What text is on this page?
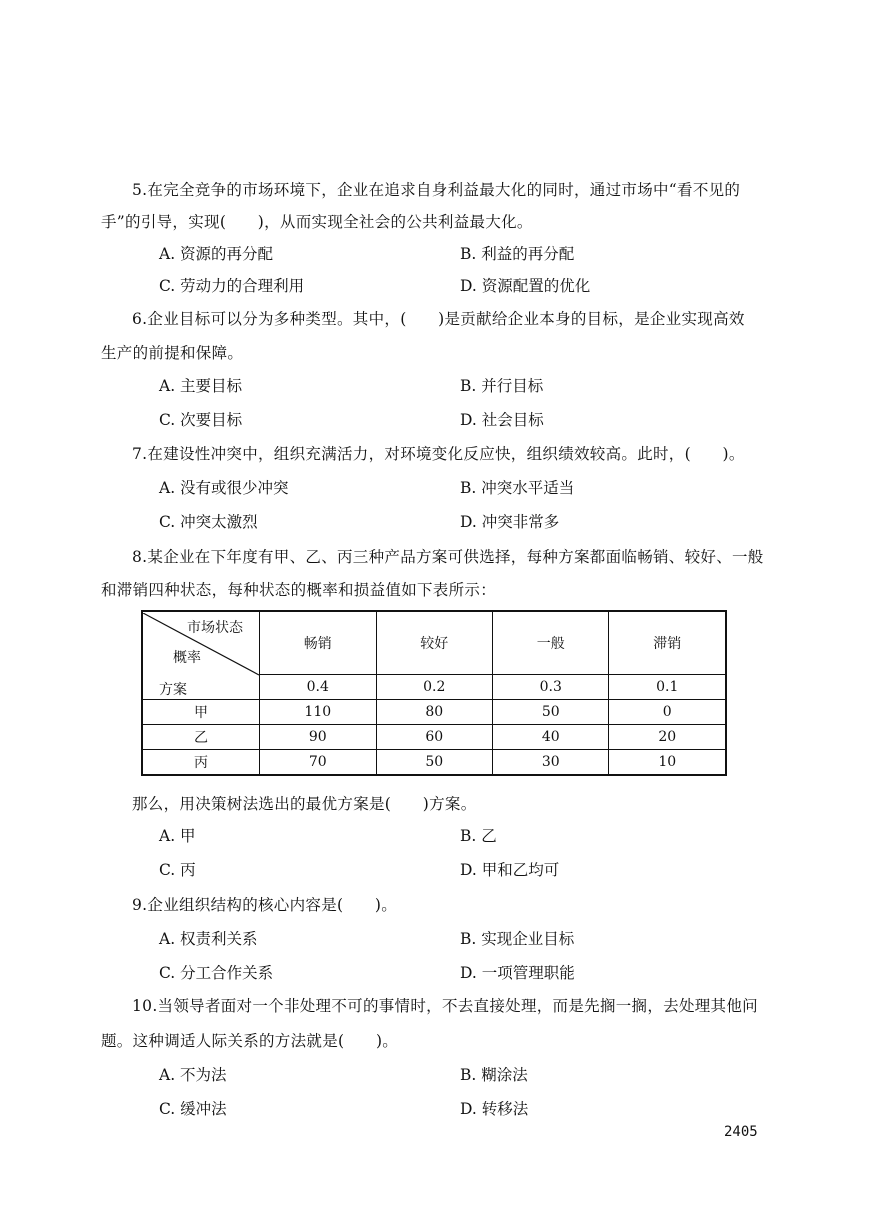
5.在完全竞争的市场环境下，企业在追求自身利益最大化的同时，通过市场中“看不见的
手”的引导，实现(　　)，从而实现全社会的公共利益最大化。
A. 资源的再分配	B. 利益的再分配
C. 劳动力的合理利用	D. 资源配置的优化
6.企业目标可以分为多种类型。其中，(　　)是贡献给企业本身的目标，是企业实现高效
生产的前提和保障。
A. 主要目标	B. 并行目标
C. 次要目标	D. 社会目标
7.在建设性冲突中，组织充满活力，对环境变化反应快，组织绩效较高。此时，(　　)。
A. 没有或很少冲突	B. 冲突水平适当
C. 冲突太激烈	D. 冲突非常多
8.某企业在下年度有甲、乙、丙三种产品方案可供选择，每种方案都面临畅销、较好、一般
和滞销四种状态，每种状态的概率和损益值如下表所示：
市场状态
概率
方案	畅销	较好	一般	滞销
	0.4	0.2	0.3	0.1
甲	110	80	50	0
乙	90	60	40	20
丙	70	50	30	10
那么，用决策树法选出的最优方案是(　　)方案。
A. 甲	B. 乙
C. 丙	D. 甲和乙均可
9.企业组织结构的核心内容是(　　)。
A. 权责利关系	B. 实现企业目标
C. 分工合作关系	D. 一项管理职能
10.当领导者面对一个非处理不可的事情时，不去直接处理，而是先搁一搁，去处理其他问
题。这种调适人际关系的方法就是(　　)。
A. 不为法	B. 糊涂法
C. 缓冲法	D. 转移法
2405
